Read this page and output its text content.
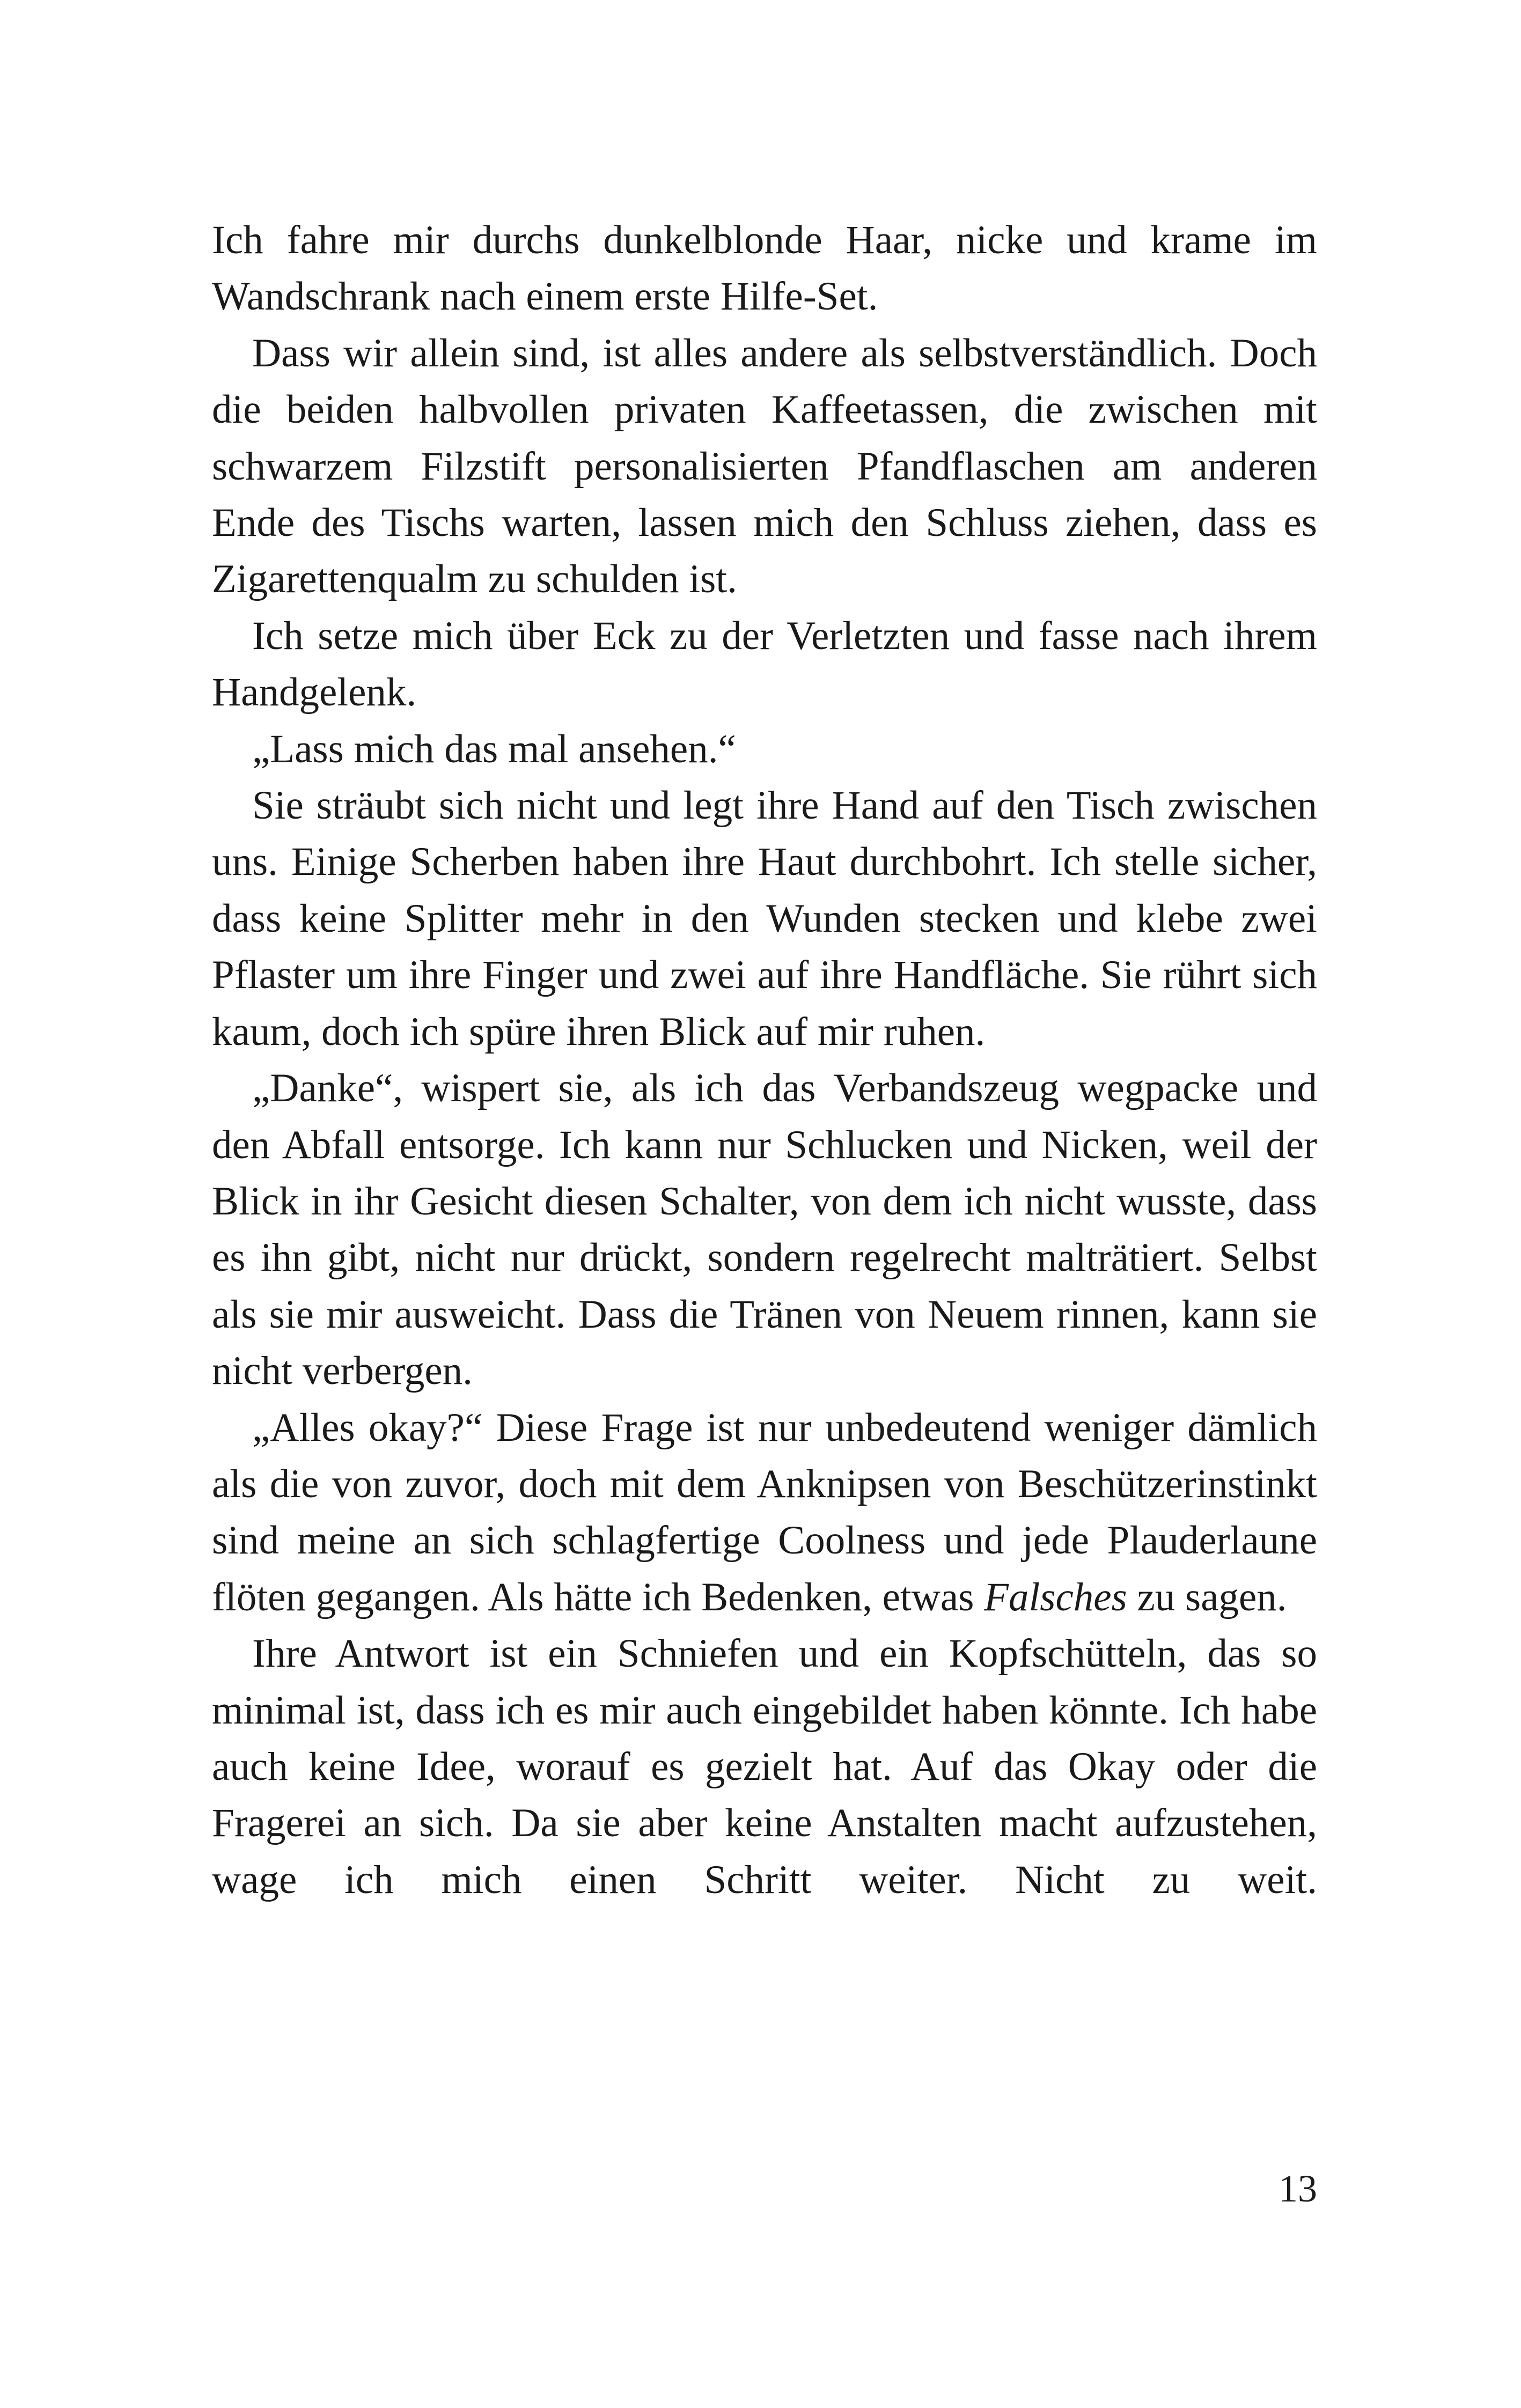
Ich fahre mir durchs dunkelblonde Haar, nicke und krame im Wandschrank nach einem erste Hilfe-Set.

Dass wir allein sind, ist alles andere als selbstverständlich. Doch die beiden halbvollen privaten Kaffeetassen, die zwischen mit schwarzem Filzstift personalisierten Pfandflaschen am anderen Ende des Tischs warten, lassen mich den Schluss ziehen, dass es Zigarettenqualm zu schulden ist.

Ich setze mich über Eck zu der Verletzten und fasse nach ihrem Handgelenk.

„Lass mich das mal ansehen.“

Sie sträubt sich nicht und legt ihre Hand auf den Tisch zwischen uns. Einige Scherben haben ihre Haut durchbohrt. Ich stelle sicher, dass keine Splitter mehr in den Wunden stecken und klebe zwei Pflaster um ihre Finger und zwei auf ihre Handfläche. Sie rührt sich kaum, doch ich spüre ihren Blick auf mir ruhen.

„Danke“, wispert sie, als ich das Verbandszeug wegpacke und den Abfall entsorge. Ich kann nur Schlucken und Nicken, weil der Blick in ihr Gesicht diesen Schalter, von dem ich nicht wusste, dass es ihn gibt, nicht nur drückt, sondern regelrecht malträtiert. Selbst als sie mir ausweicht. Dass die Tränen von Neuem rinnen, kann sie nicht verbergen.

„Alles okay?“ Diese Frage ist nur unbedeutend weniger dämlich als die von zuvor, doch mit dem Anknipsen von Beschützerinstinkt sind meine an sich schlagfertige Coolness und jede Plauderlaune flöten gegangen. Als hätte ich Bedenken, etwas Falsches zu sagen.

Ihre Antwort ist ein Schniefen und ein Kopfschütteln, das so minimal ist, dass ich es mir auch eingebildet haben könnte. Ich habe auch keine Idee, worauf es gezielt hat. Auf das Okay oder die Fragerei an sich. Da sie aber keine Anstalten macht aufzustehen, wage ich mich einen Schritt weiter. Nicht zu weit.

13
